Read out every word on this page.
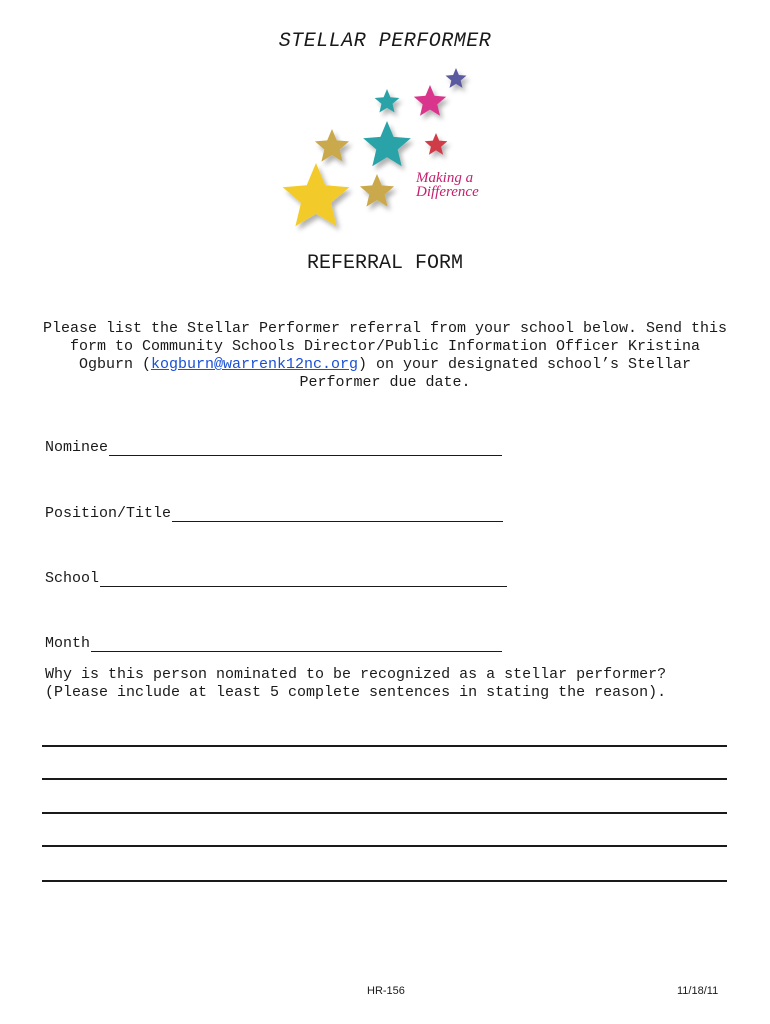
STELLAR PERFORMER
Making a
Difference
REFERRAL FORM
Please list the Stellar Performer referral from your school below. Send this form to Community Schools Director/Public Information Officer Kristina Ogburn (kogburn@warrenk12nc.org) on your designated school’s Stellar Performer due date.
Nominee
Position/Title
School
Month
Why is this person nominated to be recognized as a stellar performer?
(Please include at least 5 complete sentences in stating the reason).
HR-156	11/18/11
